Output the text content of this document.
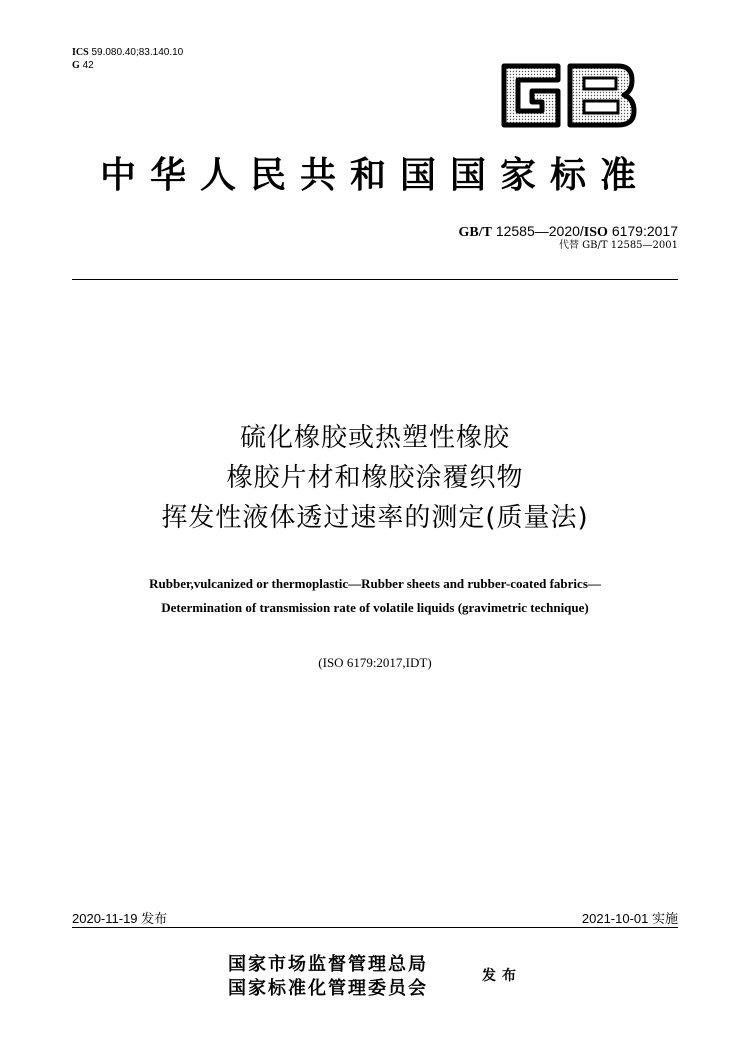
ICS 59.080.40;83.140.10
G 42
中华人民共和国国家标准
GB/T 12585—2020/ISO 6179:2017
代替 GB/T 12585—2001
硫化橡胶或热塑性橡胶
橡胶片材和橡胶涂覆织物
挥发性液体透过速率的测定(质量法)
Rubber,vulcanized or thermoplastic—Rubber sheets and rubber-coated fabrics—
Determination of transmission rate of volatile liquids (gravimetric technique)
(ISO 6179:2017,IDT)
2020-11-19 发布	2021-10-01 实施
国家市场监督管理总局
国家标准化管理委员会
发布
